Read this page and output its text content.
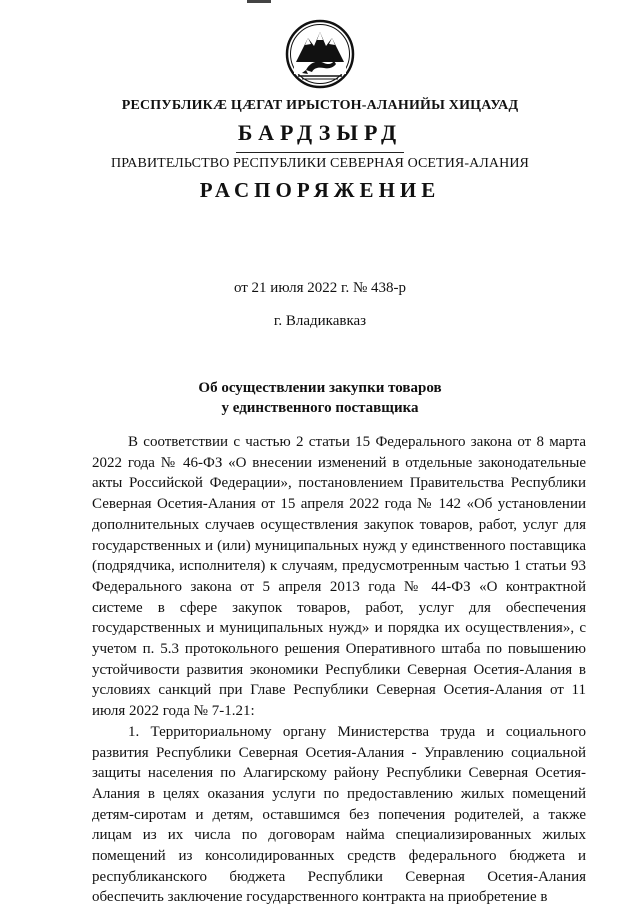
РЕСПУБЛИКӔ ЦӔГАТ ИРЫСТОН-АЛАНИЙЫ ХИЦАУАД
БАРДЗЫРД
ПРАВИТЕЛЬСТВО РЕСПУБЛИКИ СЕВЕРНАЯ ОСЕТИЯ-АЛАНИЯ
РАСПОРЯЖЕНИЕ
от 21 июля 2022 г. № 438-р
г. Владикавказ
Об осуществлении закупки товаров
у единственного поставщика

В соответствии с частью 2 статьи 15 Федерального закона от 8 марта 2022 года № 46-ФЗ «О внесении изменений в отдельные законодательные акты Российской Федерации», постановлением Правительства Республики Северная Осетия-Алания от 15 апреля 2022 года № 142 «Об установлении дополнительных случаев осуществления закупок товаров, работ, услуг для государственных и (или) муниципальных нужд у единственного поставщика (подрядчика, исполнителя) к случаям, предусмотренным частью 1 статьи 93 Федерального закона от 5 апреля 2013 года № 44-ФЗ «О контрактной системе в сфере закупок товаров, работ, услуг для обеспечения государственных и муниципальных нужд» и порядка их осуществления», с учетом п. 5.3 протокольного решения Оперативного штаба по повышению устойчивости развития экономики Республики Северная Осетия-Алания в условиях санкций при Главе Республики Северная Осетия-Алания от 11 июля 2022 года № 7-1.21:

1. Территориальному органу Министерства труда и социального развития Республики Северная Осетия-Алания - Управлению социальной защиты населения по Алагирскому району Республики Северная Осетия-Алания в целях оказания услуги по предоставлению жилых помещений детям-сиротам и детям, оставшимся без попечения родителей, а также лицам из их числа по договорам найма специализированных жилых помещений из консолидированных средств федерального бюджета и республиканского бюджета Республики Северная Осетия-Алания обеспечить заключение государственного контракта на приобретение в
